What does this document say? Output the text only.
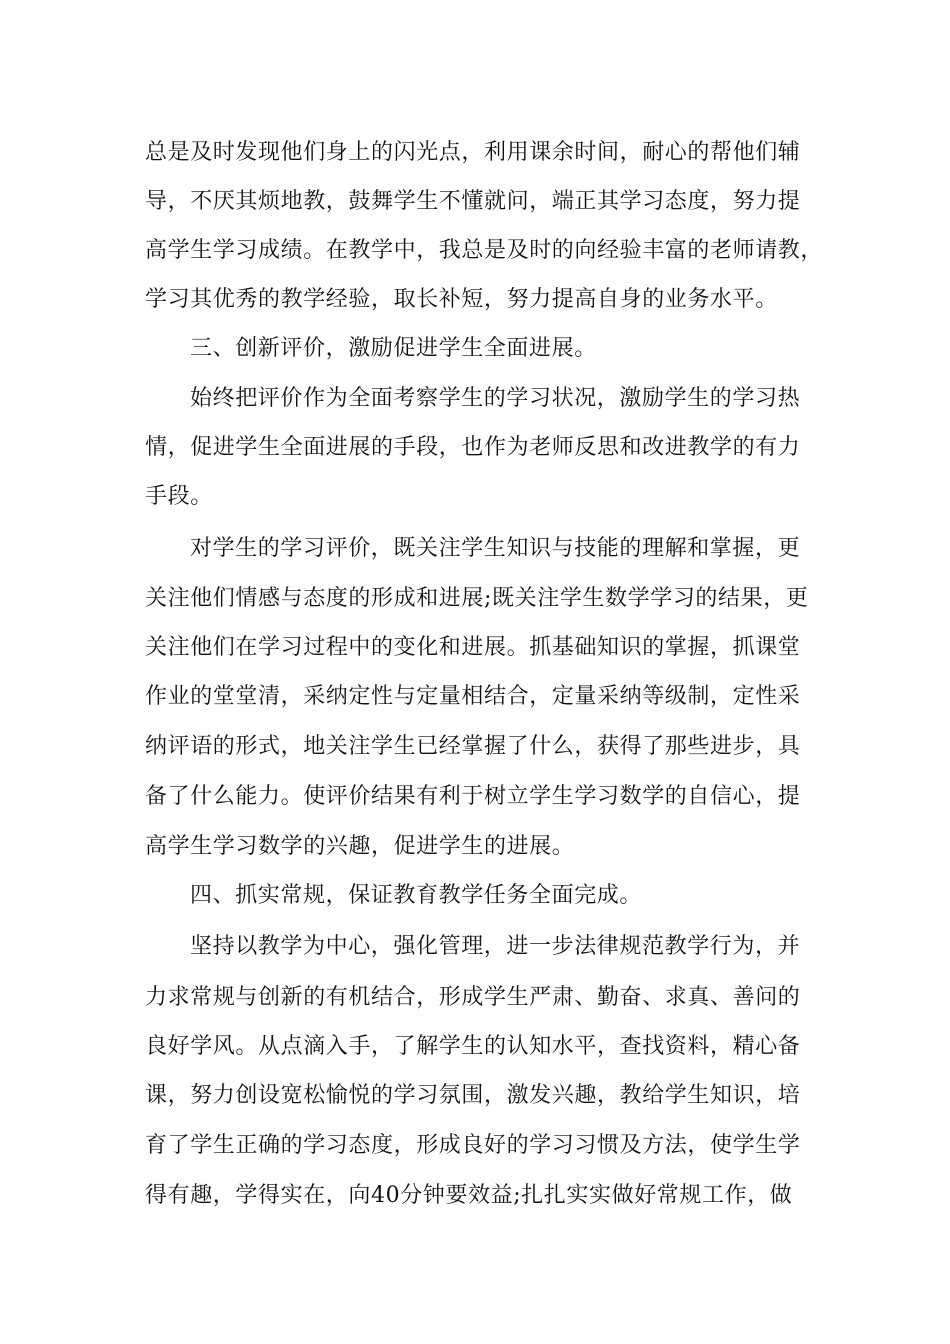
总是及时发现他们身上的闪光点，利用课余时间，耐心的帮他们辅
导，不厌其烦地教，鼓舞学生不懂就问，端正其学习态度，努力提
高学生学习成绩。在教学中，我总是及时的向经验丰富的老师请教，
学习其优秀的教学经验，取长补短，努力提高自身的业务水平。
三、创新评价，激励促进学生全面进展。
始终把评价作为全面考察学生的学习状况，激励学生的学习热
情，促进学生全面进展的手段，也作为老师反思和改进教学的有力
手段。
对学生的学习评价，既关注学生知识与技能的理解和掌握，更
关注他们情感与态度的形成和进展;既关注学生数学学习的结果，更
关注他们在学习过程中的变化和进展。抓基础知识的掌握，抓课堂
作业的堂堂清，采纳定性与定量相结合，定量采纳等级制，定性采
纳评语的形式，地关注学生已经掌握了什么，获得了那些进步，具
备了什么能力。使评价结果有利于树立学生学习数学的自信心，提
高学生学习数学的兴趣，促进学生的进展。
四、抓实常规，保证教育教学任务全面完成。
坚持以教学为中心，强化管理，进一步法律规范教学行为，并
力求常规与创新的有机结合，形成学生严肃、勤奋、求真、善问的
良好学风。从点滴入手，了解学生的认知水平，查找资料，精心备
课，努力创设宽松愉悦的学习氛围，激发兴趣，教给学生知识，培
育了学生正确的学习态度，形成良好的学习习惯及方法，使学生学
得有趣，学得实在，向40分钟要效益;扎扎实实做好常规工作，做
